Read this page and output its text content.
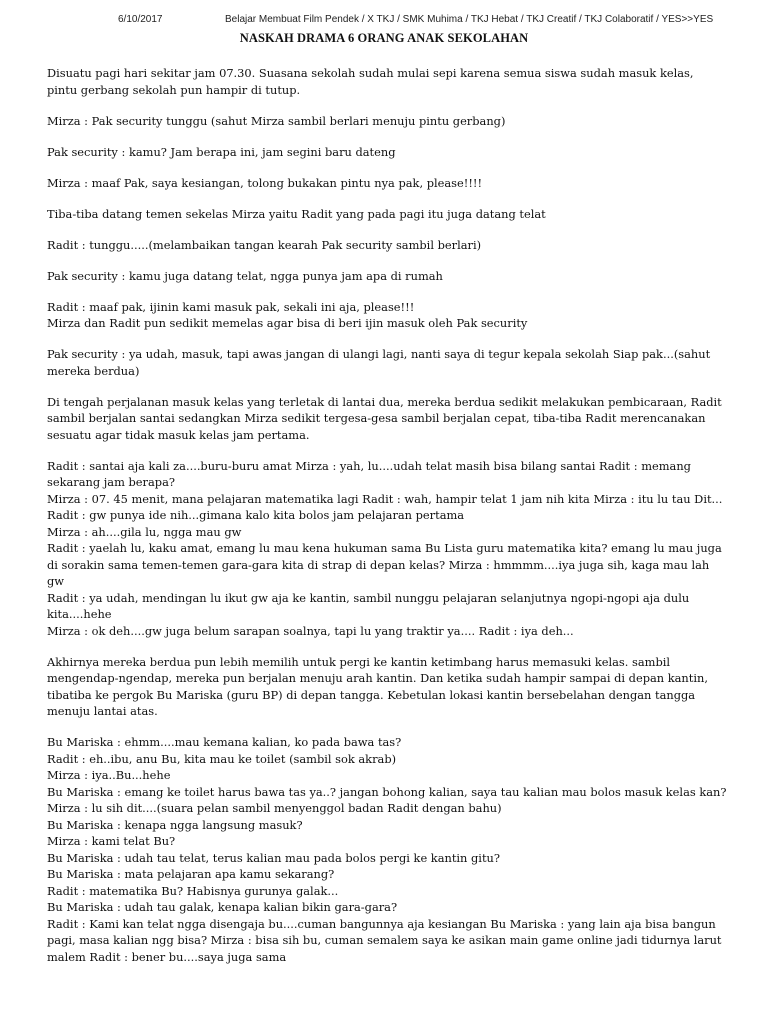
6/10/2017	Belajar Membuat Film Pendek / X TKJ / SMK Muhima / TKJ Hebat / TKJ Creatif / TKJ Colaboratif / YES>>YES
NASKAH DRAMA 6 ORANG ANAK SEKOLAHAN

Disuatu pagi hari sekitar jam 07.30. Suasana sekolah sudah mulai sepi karena semua siswa sudah masuk kelas, pintu gerbang sekolah pun hampir di tutup.

Mirza : Pak security tunggu (sahut Mirza sambil berlari menuju pintu gerbang)

Pak security : kamu? Jam berapa ini, jam segini baru dateng

Mirza : maaf Pak, saya kesiangan, tolong bukakan pintu nya pak, please!!!!

Tiba-tiba datang temen sekelas Mirza yaitu Radit yang pada pagi itu juga datang telat

Radit : tunggu.....(melambaikan tangan kearah Pak security sambil berlari)

Pak security : kamu juga datang telat, ngga punya jam apa di rumah

Radit : maaf pak, ijinin kami masuk pak, sekali ini aja, please!!!

Mirza dan Radit pun sedikit memelas agar bisa di beri ijin masuk oleh Pak security

Pak security : ya udah, masuk, tapi awas jangan di ulangi lagi, nanti saya di tegur kepala sekolah Siap pak...(sahut mereka berdua)

Di tengah perjalanan masuk kelas yang terletak di lantai dua, mereka berdua sedikit melakukan pembicaraan, Radit sambil berjalan santai sedangkan Mirza sedikit tergesa-gesa sambil berjalan cepat, tiba-tiba Radit merencanakan sesuatu agar tidak masuk kelas jam pertama.

Radit : santai aja kali za....buru-buru amat Mirza : yah, lu....udah telat masih bisa bilang santai Radit : memang sekarang jam berapa?

Mirza : 07. 45 menit, mana pelajaran matematika lagi Radit : wah, hampir telat 1 jam nih kita Mirza : itu lu tau Dit...

Radit : gw punya ide nih...gimana kalo kita bolos jam pelajaran pertama

Mirza : ah....gila lu, ngga mau gw

Radit : yaelah lu, kaku amat, emang lu mau kena hukuman sama Bu Lista guru matematika kita? emang lu mau juga di sorakin sama temen-temen gara-gara kita di strap di depan kelas? Mirza : hmmmm....iya juga sih, kaga mau lah gw

Radit : ya udah, mendingan lu ikut gw aja ke kantin, sambil nunggu pelajaran selanjutnya ngopi-ngopi aja dulu kita....hehe

Mirza : ok deh....gw juga belum sarapan soalnya, tapi lu yang traktir ya.... Radit : iya deh...

Akhirnya mereka berdua pun lebih memilih untuk pergi ke kantin ketimbang harus memasuki kelas. sambil mengendap-ngendap, mereka pun berjalan menuju arah kantin. Dan ketika sudah hampir sampai di depan kantin, tibatiba ke pergok Bu Mariska (guru BP) di depan tangga. Kebetulan lokasi kantin bersebelahan dengan tangga menuju lantai atas.

Bu Mariska : ehmm....mau kemana kalian, ko pada bawa tas?

Radit : eh..ibu, anu Bu, kita mau ke toilet (sambil sok akrab)

Mirza : iya..Bu...hehe

Bu Mariska : emang ke toilet harus bawa tas ya..? jangan bohong kalian, saya tau kalian mau bolos masuk kelas kan?

Mirza : lu sih dit....(suara pelan sambil menyenggol badan Radit dengan bahu)

Bu Mariska : kenapa ngga langsung masuk?

Mirza : kami telat Bu?

Bu Mariska : udah tau telat, terus kalian mau pada bolos pergi ke kantin gitu?

Bu Mariska : mata pelajaran apa kamu sekarang?

Radit : matematika Bu? Habisnya gurunya galak...

Bu Mariska : udah tau galak, kenapa kalian bikin gara-gara?

Radit : Kami kan telat ngga disengaja bu....cuman bangunnya aja kesiangan Bu Mariska : yang lain aja bisa bangun pagi, masa kalian ngg bisa? Mirza : bisa sih bu, cuman semalem saya ke asikan main game online jadi tidurnya larut malem Radit : bener bu....saya juga sama
